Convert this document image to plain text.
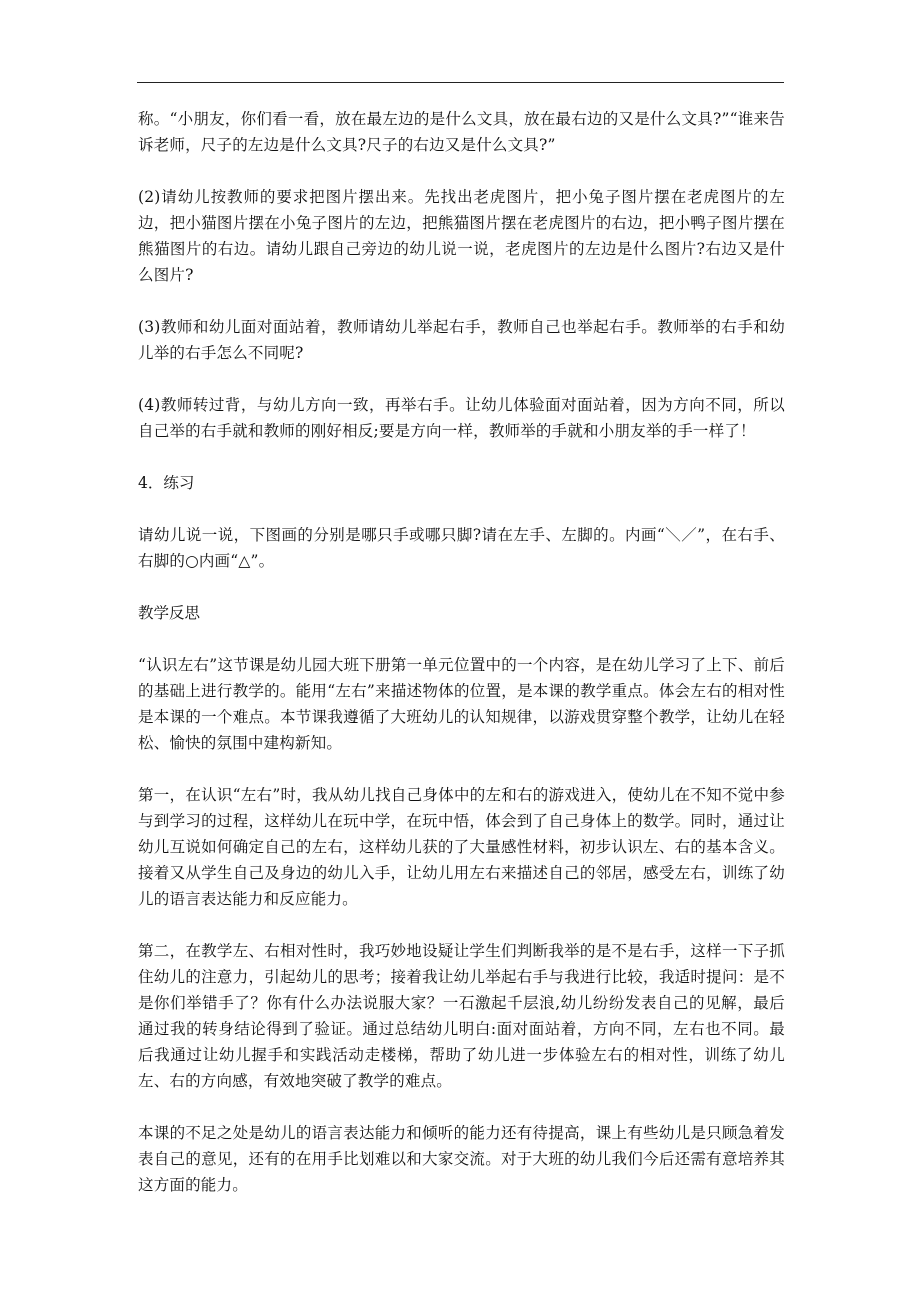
称。“小朋友，你们看一看，放在最左边的是什么文具，放在最右边的又是什么文具?”“谁来告诉老师，尺子的左边是什么文具?尺子的右边又是什么文具?”

(2)请幼儿按教师的要求把图片摆出来。先找出老虎图片，把小兔子图片摆在老虎图片的左边，把小猫图片摆在小兔子图片的左边，把熊猫图片摆在老虎图片的右边，把小鸭子图片摆在熊猫图片的右边。请幼儿跟自己旁边的幼儿说一说，老虎图片的左边是什么图片?右边又是什么图片?

(3)教师和幼儿面对面站着，教师请幼儿举起右手，教师自己也举起右手。教师举的右手和幼儿举的右手怎么不同呢?

(4)教师转过背，与幼儿方向一致，再举右手。让幼儿体验面对面站着，因为方向不同，所以自己举的右手就和教师的刚好相反;要是方向一样，教师举的手就和小朋友举的手一样了！

4．练习

请幼儿说一说，下图画的分别是哪只手或哪只脚?请在左手、左脚的。内画“＼／”，在右手、右脚的○内画“△”。

教学反思

“认识左右”这节课是幼儿园大班下册第一单元位置中的一个内容，是在幼儿学习了上下、前后的基础上进行教学的。能用“左右”来描述物体的位置，是本课的教学重点。体会左右的相对性是本课的一个难点。本节课我遵循了大班幼儿的认知规律，以游戏贯穿整个教学，让幼儿在轻松、愉快的氛围中建构新知。

第一，在认识“左右”时，我从幼儿找自己身体中的左和右的游戏进入，使幼儿在不知不觉中参与到学习的过程，这样幼儿在玩中学，在玩中悟，体会到了自己身体上的数学。同时，通过让幼儿互说如何确定自己的左右，这样幼儿获的了大量感性材料，初步认识左、右的基本含义。接着又从学生自己及身边的幼儿入手，让幼儿用左右来描述自己的邻居，感受左右，训练了幼儿的语言表达能力和反应能力。

第二，在教学左、右相对性时，我巧妙地设疑让学生们判断我举的是不是右手，这样一下子抓住幼儿的注意力，引起幼儿的思考；接着我让幼儿举起右手与我进行比较，我适时提问：是不是你们举错手了？你有什么办法说服大家？一石激起千层浪,幼儿纷纷发表自己的见解，最后通过我的转身结论得到了验证。通过总结幼儿明白:面对面站着，方向不同，左右也不同。最后我通过让幼儿握手和实践活动走楼梯，帮助了幼儿进一步体验左右的相对性，训练了幼儿左、右的方向感，有效地突破了教学的难点。

本课的不足之处是幼儿的语言表达能力和倾听的能力还有待提高，课上有些幼儿是只顾急着发表自己的意见，还有的在用手比划难以和大家交流。对于大班的幼儿我们今后还需有意培养其这方面的能力。
